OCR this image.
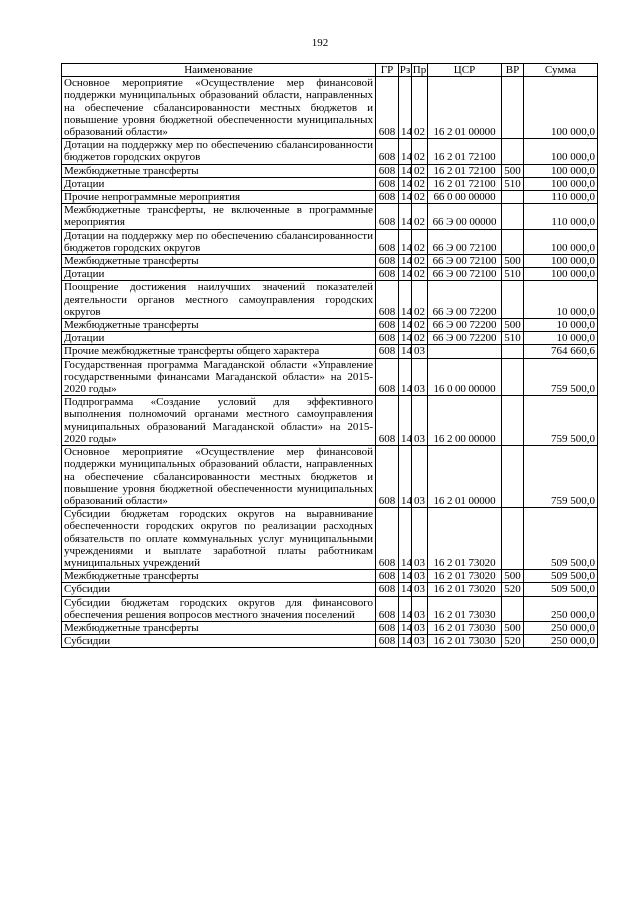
192
Наименование	ГР	Рз	Пр	ЦСР	ВР	Сумма
Основное мероприятие «Осуществление мер финансовой поддержки муниципальных образований области, направленных на обеспечение сбалансированности местных бюджетов и повышение уровня бюджетной обеспеченности муниципальных образований области»	608	14	02	16 2 01 00000		100 000,0
Дотации на поддержку мер по обеспечению сбалансированности бюджетов городских округов	608	14	02	16 2 01 72100		100 000,0
Межбюджетные трансферты	608	14	02	16 2 01 72100	500	100 000,0
Дотации	608	14	02	16 2 01 72100	510	100 000,0
Прочие непрограммные мероприятия	608	14	02	66 0 00 00000		110 000,0
Межбюджетные трансферты, не включенные в программные мероприятия	608	14	02	66 Э 00 00000		110 000,0
Дотации на поддержку мер по обеспечению сбалансированности бюджетов городских округов	608	14	02	66 Э 00 72100		100 000,0
Межбюджетные трансферты	608	14	02	66 Э 00 72100	500	100 000,0
Дотации	608	14	02	66 Э 00 72100	510	100 000,0
Поощрение достижения наилучших значений показателей деятельности органов местного самоуправления городских округов	608	14	02	66 Э 00 72200		10 000,0
Межбюджетные трансферты	608	14	02	66 Э 00 72200	500	10 000,0
Дотации	608	14	02	66 Э 00 72200	510	10 000,0
Прочие межбюджетные трансферты общего характера	608	14	03			764 660,6
Государственная программа Магаданской области «Управление государственными финансами Магаданской области» на 2015-2020 годы»	608	14	03	16 0 00 00000		759 500,0
Подпрограмма «Создание условий для эффективного выполнения полномочий органами местного самоуправления муниципальных образований Магаданской области» на 2015-2020 годы»	608	14	03	16 2 00 00000		759 500,0
Основное мероприятие «Осуществление мер финансовой поддержки муниципальных образований области, направленных на обеспечение сбалансированности местных бюджетов и повышение уровня бюджетной обеспеченности муниципальных образований области»	608	14	03	16 2 01 00000		759 500,0
Субсидии бюджетам городских округов на выравнивание обеспеченности городских округов по реализации расходных обязательств по оплате коммунальных услуг муниципальными учреждениями и выплате заработной платы работникам муниципальных учреждений	608	14	03	16 2 01 73020		509 500,0
Межбюджетные трансферты	608	14	03	16 2 01 73020	500	509 500,0
Субсидии	608	14	03	16 2 01 73020	520	509 500,0
Субсидии бюджетам городских округов для финансового обеспечения решения вопросов местного значения поселений	608	14	03	16 2 01 73030		250 000,0
Межбюджетные трансферты	608	14	03	16 2 01 73030	500	250 000,0
Субсидии	608	14	03	16 2 01 73030	520	250 000,0
